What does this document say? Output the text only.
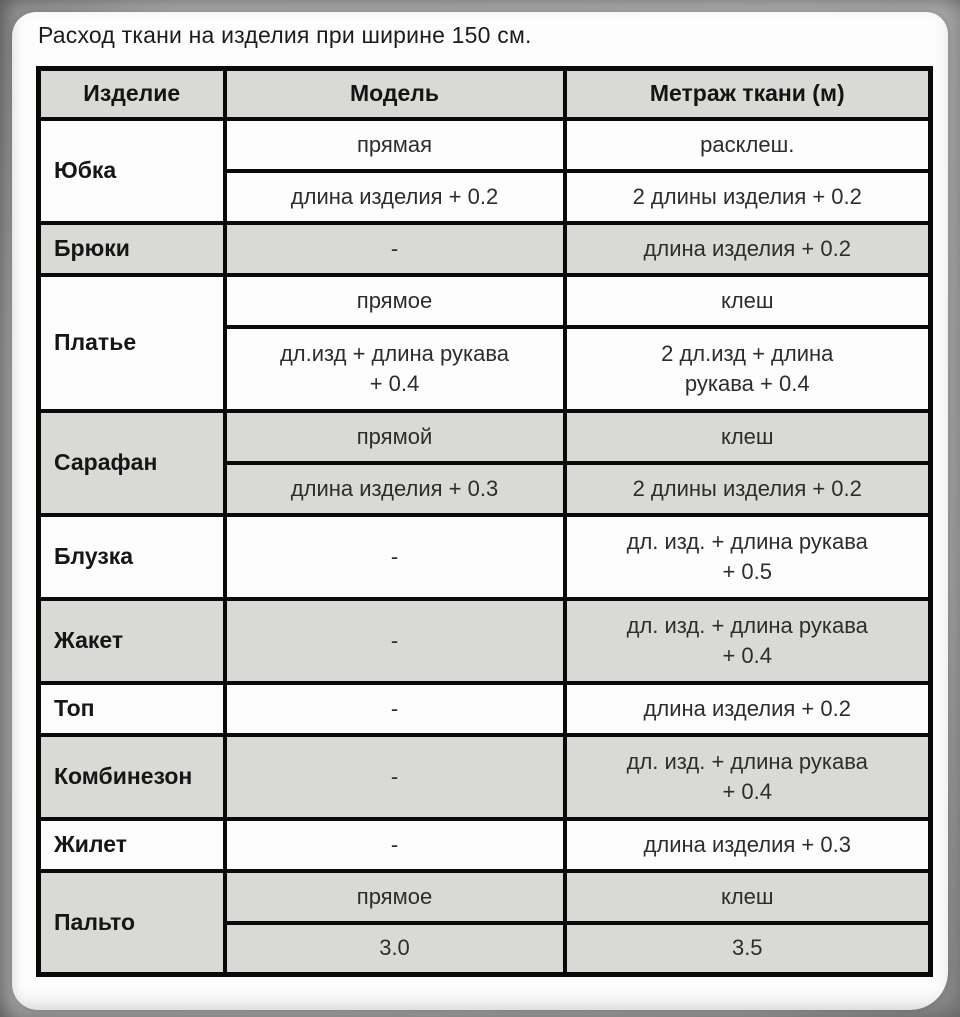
Расход ткани на изделия при ширине 150 см.
Изделие	Модель	Метраж ткани (м)
Юбка	прямая	расклеш.
	длина изделия + 0.2	2 длины изделия + 0.2
Брюки	-	длина изделия + 0.2
Платье	прямое	клеш
	дл.изд + длина рукава + 0.4	2 дл.изд + длина рукава + 0.4
Сарафан	прямой	клеш
	длина изделия + 0.3	2 длины изделия + 0.2
Блузка	-	дл. изд. + длина рукава + 0.5
Жакет	-	дл. изд. + длина рукава + 0.4
Топ	-	длина изделия + 0.2
Комбинезон	-	дл. изд. + длина рукава + 0.4
Жилет	-	длина изделия + 0.3
Пальто	прямое	клеш
	3.0	3.5
